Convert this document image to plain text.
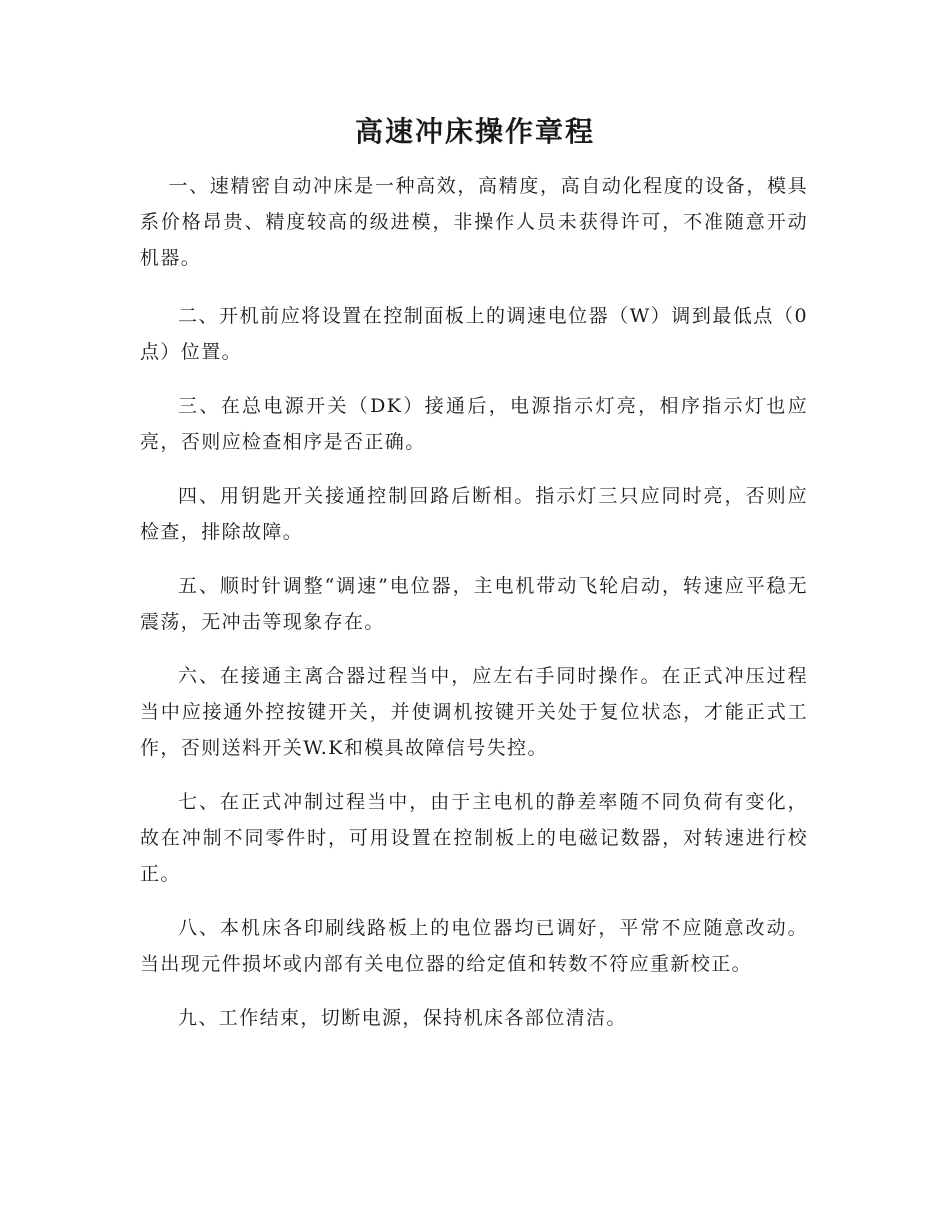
高速冲床操作章程

一、速精密自动冲床是一种高效，高精度，高自动化程度的设备，模具系价格昂贵、精度较高的级进模，非操作人员未获得许可，不准随意开动机器。

二、开机前应将设置在控制面板上的调速电位器（W）调到最低点（0点）位置。

三、在总电源开关（DK）接通后，电源指示灯亮，相序指示灯也应亮，否则应检查相序是否正确。

四、用钥匙开关接通控制回路后断相。指示灯三只应同时亮，否则应检查，排除故障。

五、顺时针调整“调速”电位器，主电机带动飞轮启动，转速应平稳无震荡，无冲击等现象存在。

六、在接通主离合器过程当中，应左右手同时操作。在正式冲压过程当中应接通外控按键开关，并使调机按键开关处于复位状态，才能正式工作，否则送料开关W.K和模具故障信号失控。

七、在正式冲制过程当中，由于主电机的静差率随不同负荷有变化，故在冲制不同零件时，可用设置在控制板上的电磁记数器，对转速进行校正。

八、本机床各印刷线路板上的电位器均已调好，平常不应随意改动。当出现元件损坏或内部有关电位器的给定值和转数不符应重新校正。

九、工作结束，切断电源，保持机床各部位清洁。
